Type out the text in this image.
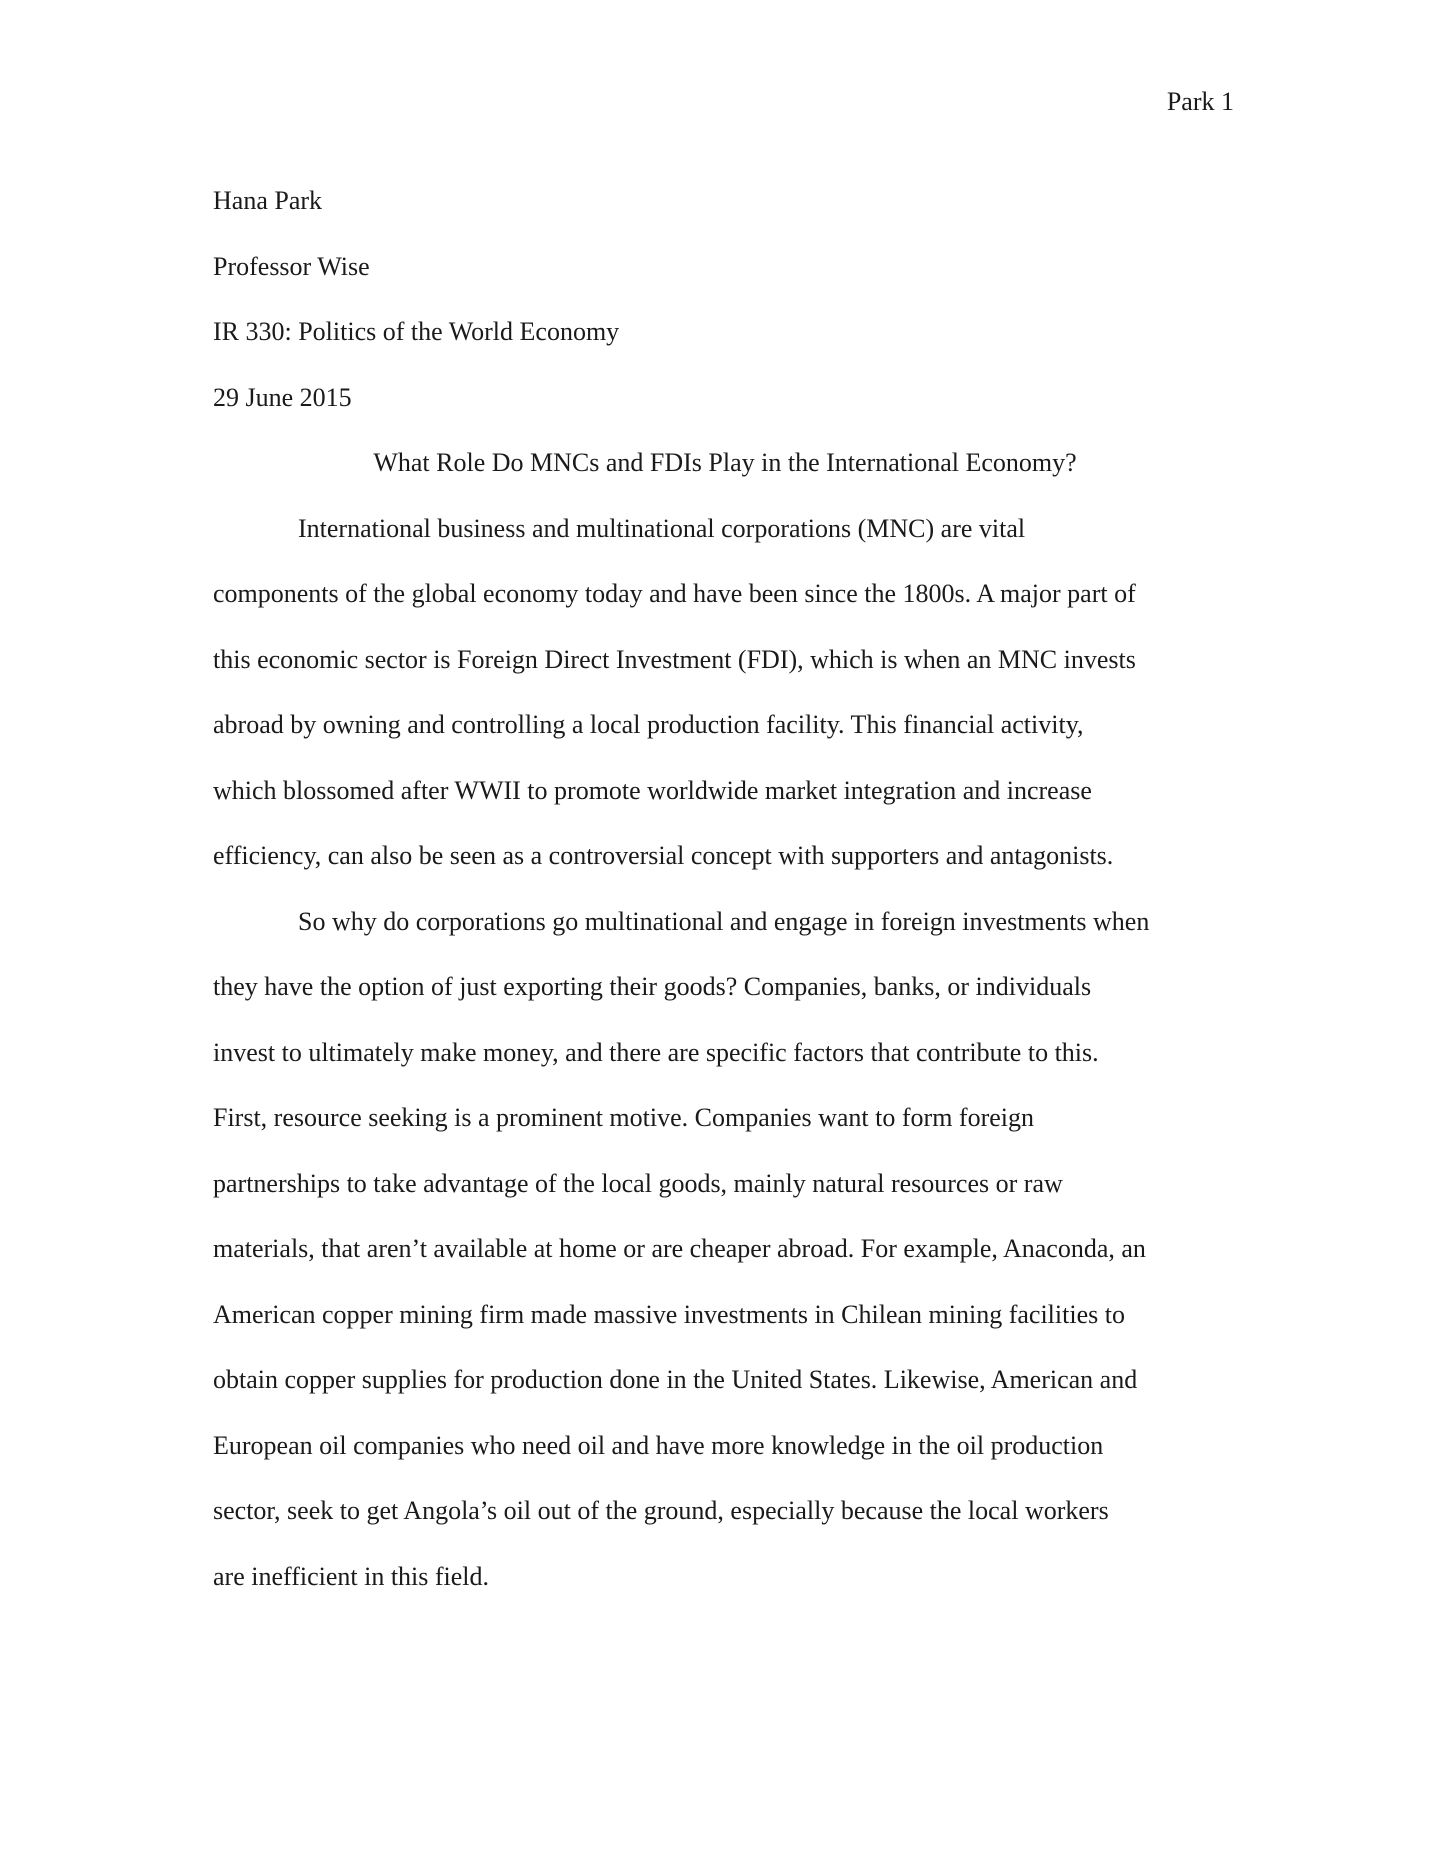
Park 1
Hana Park
Professor Wise
IR 330: Politics of the World Economy
29 June 2015
What Role Do MNCs and FDIs Play in the International Economy?
International business and multinational corporations (MNC) are vital
components of the global economy today and have been since the 1800s. A major part of
this economic sector is Foreign Direct Investment (FDI), which is when an MNC invests
abroad by owning and controlling a local production facility. This financial activity,
which blossomed after WWII to promote worldwide market integration and increase
efficiency, can also be seen as a controversial concept with supporters and antagonists.
So why do corporations go multinational and engage in foreign investments when
they have the option of just exporting their goods? Companies, banks, or individuals
invest to ultimately make money, and there are specific factors that contribute to this.
First, resource seeking is a prominent motive. Companies want to form foreign
partnerships to take advantage of the local goods, mainly natural resources or raw
materials, that aren’t available at home or are cheaper abroad. For example, Anaconda, an
American copper mining firm made massive investments in Chilean mining facilities to
obtain copper supplies for production done in the United States. Likewise, American and
European oil companies who need oil and have more knowledge in the oil production
sector, seek to get Angola’s oil out of the ground, especially because the local workers
are inefficient in this field.
